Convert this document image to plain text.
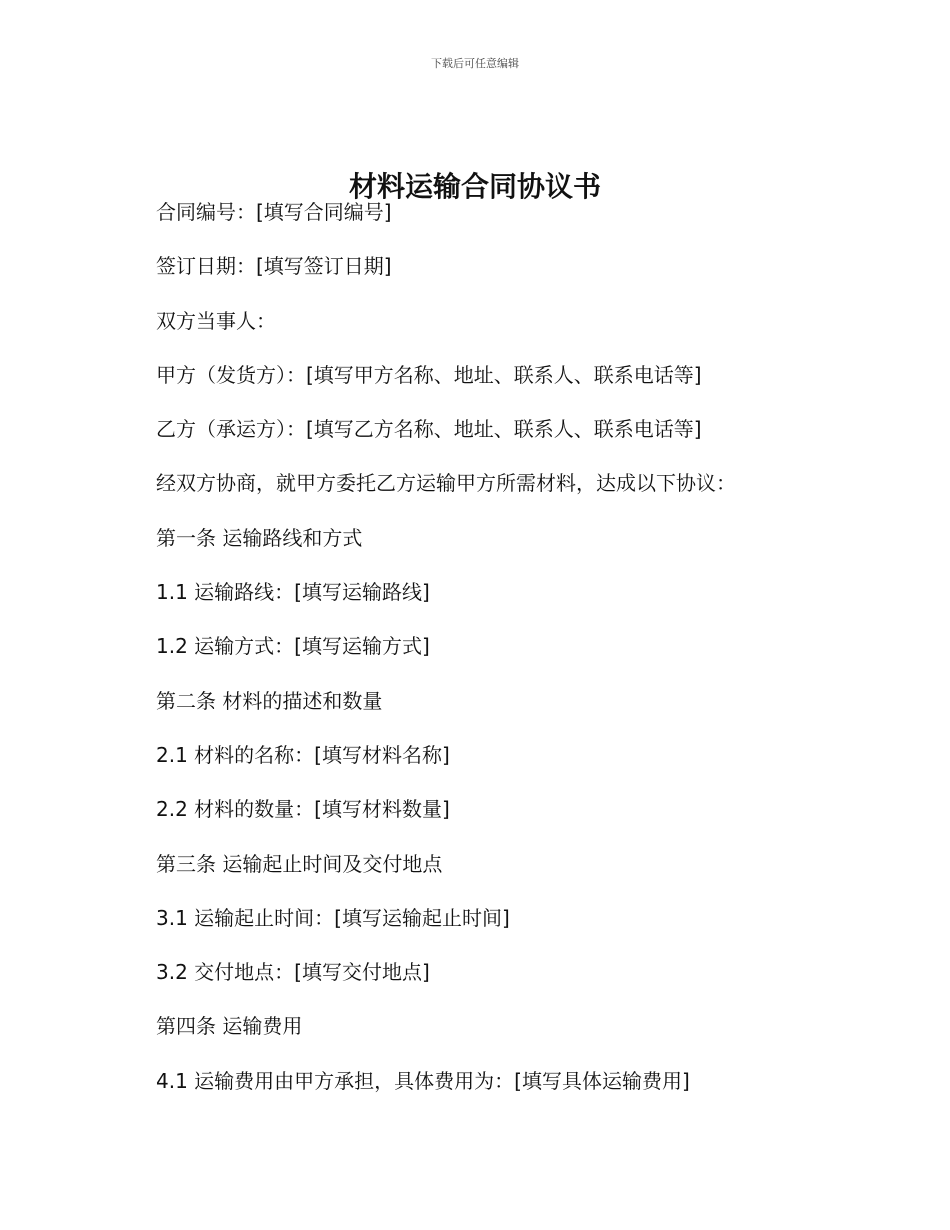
下载后可任意编辑
材料运输合同协议书
合同编号：[填写合同编号]
签订日期：[填写签订日期]
双方当事人：
甲方（发货方）：[填写甲方名称、地址、联系人、联系电话等]
乙方（承运方）：[填写乙方名称、地址、联系人、联系电话等]
经双方协商，就甲方委托乙方运输甲方所需材料，达成以下协议：
第一条 运输路线和方式
1.1 运输路线：[填写运输路线]
1.2 运输方式：[填写运输方式]
第二条 材料的描述和数量
2.1 材料的名称：[填写材料名称]
2.2 材料的数量：[填写材料数量]
第三条 运输起止时间及交付地点
3.1 运输起止时间：[填写运输起止时间]
3.2 交付地点：[填写交付地点]
第四条 运输费用
4.1 运输费用由甲方承担，具体费用为：[填写具体运输费用]
